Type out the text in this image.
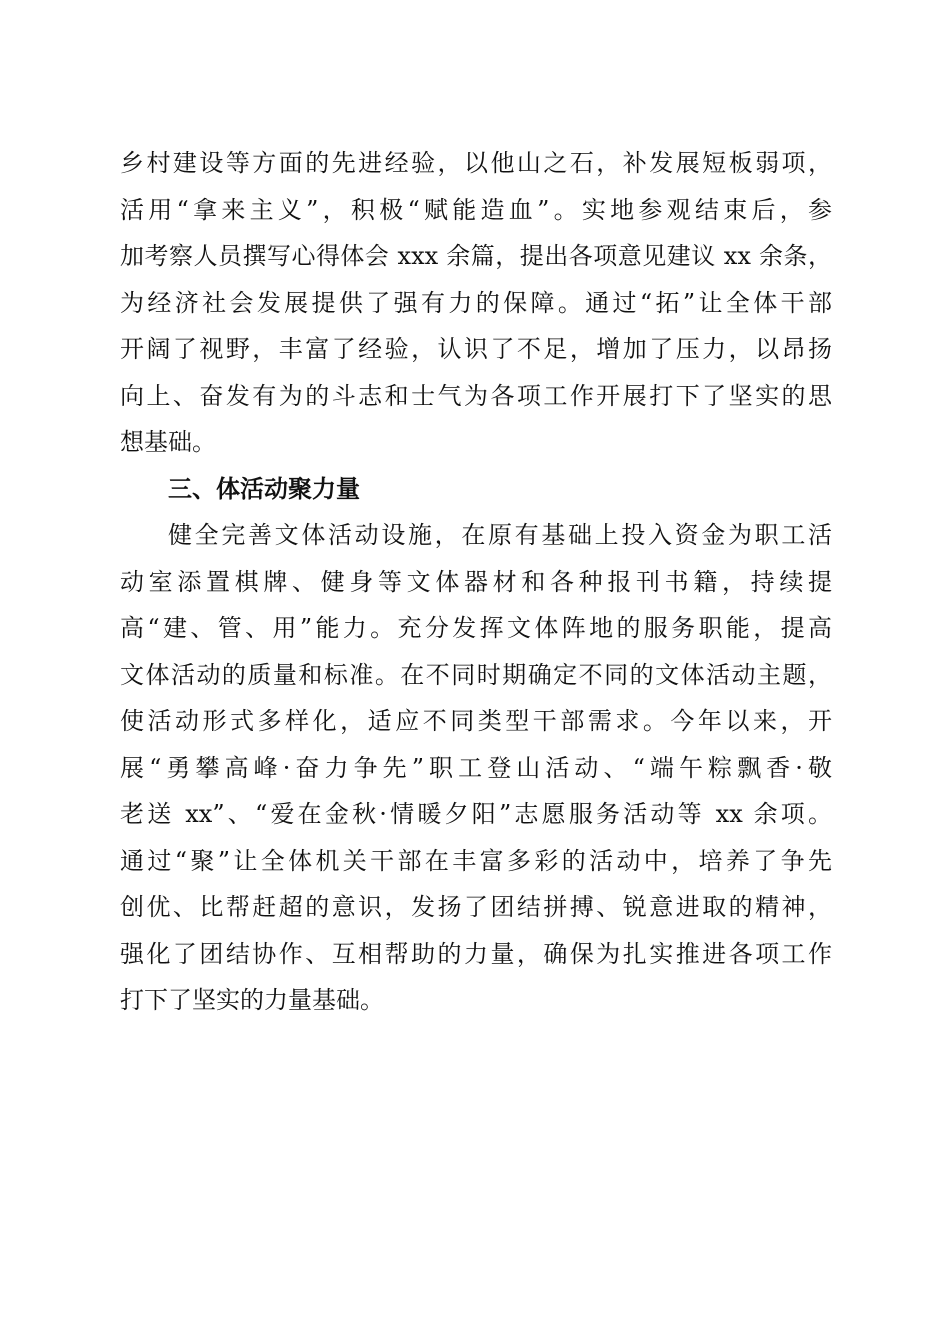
乡村建设等方面的先进经验，以他山之石，补发展短板弱项，
活用“拿来主义”，积极“赋能造血”。实地参观结束后，参
加考察人员撰写心得体会 xxx 余篇，提出各项意见建议 xx 余条，
为经济社会发展提供了强有力的保障。通过“拓”让全体干部
开阔了视野，丰富了经验，认识了不足，增加了压力，以昂扬
向上、奋发有为的斗志和士气为各项工作开展打下了坚实的思
想基础。
三、体活动聚力量
健全完善文体活动设施，在原有基础上投入资金为职工活
动室添置棋牌、健身等文体器材和各种报刊书籍，持续提
高“建、管、用”能力。充分发挥文体阵地的服务职能，提高
文体活动的质量和标准。在不同时期确定不同的文体活动主题，
使活动形式多样化，适应不同类型干部需求。今年以来，开
展“勇攀高峰·奋力争先”职工登山活动、“端午粽飘香·敬
老送 xx”、“爱在金秋·情暖夕阳”志愿服务活动等 xx 余项。
通过“聚”让全体机关干部在丰富多彩的活动中，培养了争先
创优、比帮赶超的意识，发扬了团结拼搏、锐意进取的精神，
强化了团结协作、互相帮助的力量，确保为扎实推进各项工作
打下了坚实的力量基础。
